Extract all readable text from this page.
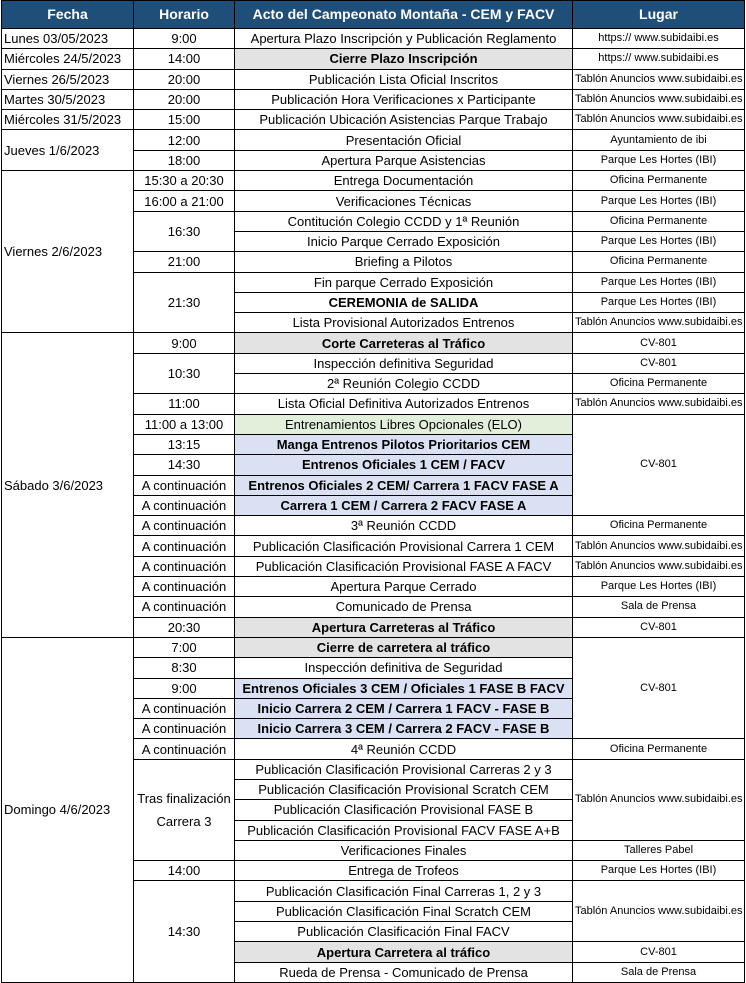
Fecha	Horario	Acto del Campeonato Montaña - CEM y FACV	Lugar
Lunes 03/05/2023	9:00	Apertura Plazo Inscripción y Publicación Reglamento	https:// www.subidaibi.es
Miércoles 24/5/2023	14:00	Cierre Plazo Inscripción	https:// www.subidaibi.es
Viernes 26/5/2023	20:00	Publicación Lista Oficial Inscritos	Tablón Anuncios www.subidaibi.es
Martes 30/5/2023	20:00	Publicación Hora Verificaciones x Participante	Tablón Anuncios www.subidaibi.es
Miércoles 31/5/2023	15:00	Publicación Ubicación Asistencias Parque Trabajo	Tablón Anuncios www.subidaibi.es
Jueves 1/6/2023	12:00	Presentación Oficial	Ayuntamiento de ibi
	18:00	Apertura Parque Asistencias	Parque Les Hortes (IBI)
Viernes 2/6/2023	15:30 a 20:30	Entrega Documentación	Oficina Permanente
	16:00 a 21:00	Verificaciones Técnicas	Parque Les Hortes (IBI)
	16:30	Contitución Colegio CCDD y 1ª Reunión	Oficina Permanente
		Inicio Parque Cerrado Exposición	Parque Les Hortes (IBI)
	21:00	Briefing a Pilotos	Oficina Permanente
	21:30	Fin parque Cerrado Exposición	Parque Les Hortes (IBI)
		CEREMONIA de SALIDA	Parque Les Hortes (IBI)
		Lista Provisional Autorizados Entrenos	Tablón Anuncios www.subidaibi.es
Sábado 3/6/2023	9:00	Corte Carreteras al Tráfico	CV-801
	10:30	Inspección definitiva Seguridad	CV-801
		2ª Reunión Colegio CCDD	Oficina Permanente
	11:00	Lista Oficial Definitiva Autorizados Entrenos	Tablón Anuncios www.subidaibi.es
	11:00 a 13:00	Entrenamientos Libres Opcionales (ELO)	CV-801
	13:15	Manga Entrenos Pilotos Prioritarios CEM	
	14:30	Entrenos Oficiales 1 CEM / FACV	
	A continuación	Entrenos Oficiales 2 CEM/ Carrera 1 FACV FASE A	
	A continuación	Carrera 1 CEM / Carrera 2 FACV FASE A	
	A continuación	3ª Reunión CCDD	Oficina Permanente
	A continuación	Publicación Clasificación Provisional Carrera 1 CEM	Tablón Anuncios www.subidaibi.es
	A continuación	Publicación Clasificación Provisional FASE A FACV	Tablón Anuncios www.subidaibi.es
	A continuación	Apertura Parque Cerrado	Parque Les Hortes (IBI)
	A continuación	Comunicado de Prensa	Sala de Prensa
	20:30	Apertura Carreteras al Tráfico	CV-801
Domingo 4/6/2023	7:00	Cierre de carretera al tráfico	CV-801
	8:30	Inspección definitiva de Seguridad	
	9:00	Entrenos Oficiales 3 CEM / Oficiales 1 FASE B FACV	
	A continuación	Inicio Carrera 2 CEM / Carrera 1 FACV - FASE B	
	A continuación	Inicio Carrera 3 CEM / Carrera 2 FACV - FASE B	
	A continuación	4ª Reunión CCDD	Oficina Permanente
	Tras finalización Carrera 3	Publicación Clasificación Provisional Carreras 2 y 3	Tablón Anuncios www.subidaibi.es
		Publicación Clasificación Provisional Scratch CEM	
		Publicación Clasificación Provisional FASE B	
		Publicación Clasificación Provisional FACV FASE A+B	
		Verificaciones Finales	Talleres Pabel
	14:00	Entrega de Trofeos	Parque Les Hortes (IBI)
	14:30	Publicación Clasificación Final Carreras 1, 2 y 3	Tablón Anuncios www.subidaibi.es
		Publicación Clasificación Final Scratch CEM	
		Publicación Clasificación Final FACV	
		Apertura Carretera al tráfico	CV-801
		Rueda de Prensa - Comunicado de Prensa	Sala de Prensa
